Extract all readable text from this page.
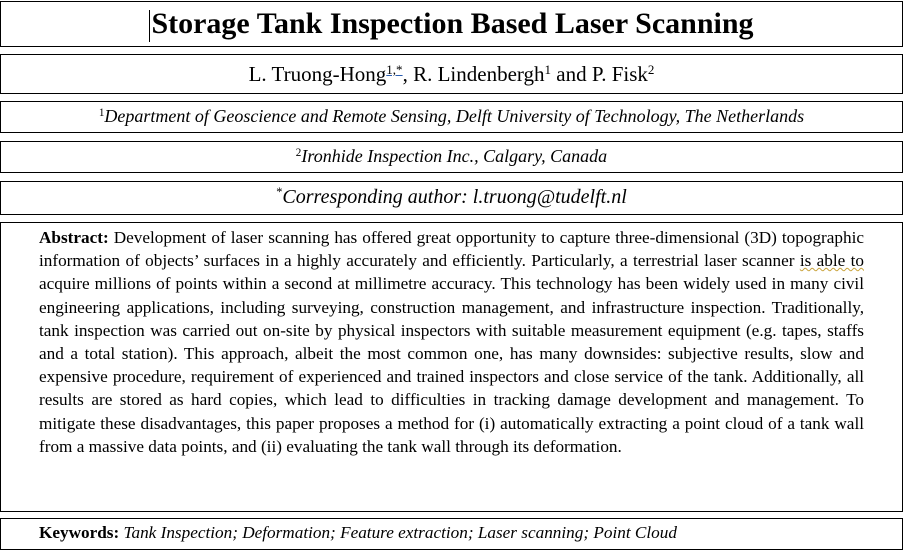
Storage Tank Inspection Based Laser Scanning
L. Truong-Hong$^{1,*}$, R. Lindenbergh$^1$ and P. Fisk$^2$
$^1$Department of Geoscience and Remote Sensing, Delft University of Technology, The Netherlands
$^2$Ironhide Inspection Inc., Calgary, Canada
*Corresponding author: l.truong@tudelft.nl
Abstract: Development of laser scanning has offered great opportunity to capture three-dimensional (3D) topographic information of objects’ surfaces in a highly accurately and efficiently. Particularly, a terrestrial laser scanner is able to acquire millions of points within a second at millimetre accuracy. This technology has been widely used in many civil engineering applications, including surveying, construction management, and infrastructure inspection. Traditionally, tank inspection was carried out on-site by physical inspectors with suitable measurement equipment (e.g. tapes, staffs and a total station). This approach, albeit the most common one, has many downsides: subjective results, slow and expensive procedure, requirement of experienced and trained inspectors and close service of the tank. Additionally, all results are stored as hard copies, which lead to difficulties in tracking damage development and management. To mitigate these disadvantages, this paper proposes a method for (i) automatically extracting a point cloud of a tank wall from a massive data points, and (ii) evaluating the tank wall through its deformation.
Keywords: Tank Inspection; Deformation; Feature extraction; Laser scanning; Point Cloud
